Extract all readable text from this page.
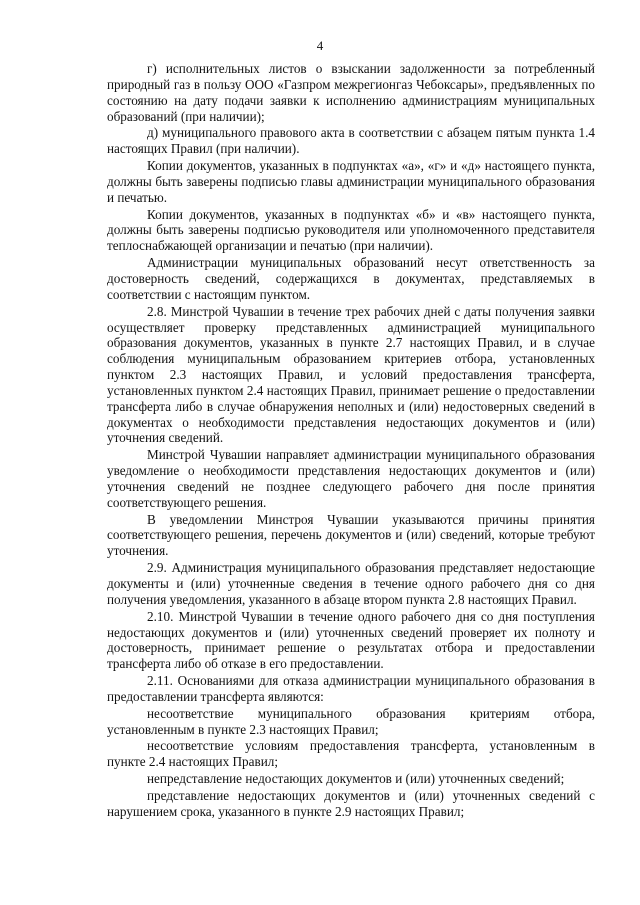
4

г) исполнительных листов о взыскании задолженности за потребленный природный газ в пользу ООО «Газпром межрегионгаз Чебоксары», предъявленных по состоянию на дату подачи заявки к исполнению администрациям муниципальных образований (при наличии);

д) муниципального правового акта в соответствии с абзацем пятым пункта 1.4 настоящих Правил (при наличии).

Копии документов, указанных в подпунктах «а», «г» и «д» настоящего пункта, должны быть заверены подписью главы администрации муниципального образования и печатью.

Копии документов, указанных в подпунктах «б» и «в» настоящего пункта, должны быть заверены подписью руководителя или уполномоченного представителя теплоснабжающей организации и печатью (при наличии).

Администрации муниципальных образований несут ответственность за достоверность сведений, содержащихся в документах, представляемых в соответствии с настоящим пунктом.

2.8. Минстрой Чувашии в течение трех рабочих дней с даты получения заявки осуществляет проверку представленных администрацией муниципального образования документов, указанных в пункте 2.7 настоящих Правил, и в случае соблюдения муниципальным образованием критериев отбора, установленных пунктом 2.3 настоящих Правил, и условий предоставления трансферта, установленных пунктом 2.4 настоящих Правил, принимает решение о предоставлении трансферта либо в случае обнаружения неполных и (или) недостоверных сведений в документах о необходимости представления недостающих документов и (или) уточнения сведений.

Минстрой Чувашии направляет администрации муниципального образования уведомление о необходимости представления недостающих документов и (или) уточнения сведений не позднее следующего рабочего дня после принятия соответствующего решения.

В уведомлении Минстроя Чувашии указываются причины принятия соответствующего решения, перечень документов и (или) сведений, которые требуют уточнения.

2.9. Администрация муниципального образования представляет недостающие документы и (или) уточненные сведения в течение одного рабочего дня со дня получения уведомления, указанного в абзаце втором пункта 2.8 настоящих Правил.

2.10. Минстрой Чувашии в течение одного рабочего дня со дня поступления недостающих документов и (или) уточненных сведений проверяет их полноту и достоверность, принимает решение о результатах отбора и предоставлении трансферта либо об отказе в его предоставлении.

2.11. Основаниями для отказа администрации муниципального образования в предоставлении трансферта являются:

несоответствие муниципального образования критериям отбора, установленным в пункте 2.3 настоящих Правил;

несоответствие условиям предоставления трансферта, установленным в пункте 2.4 настоящих Правил;

непредставление недостающих документов и (или) уточненных сведений;

представление недостающих документов и (или) уточненных сведений с нарушением срока, указанного в пункте 2.9 настоящих Правил;
